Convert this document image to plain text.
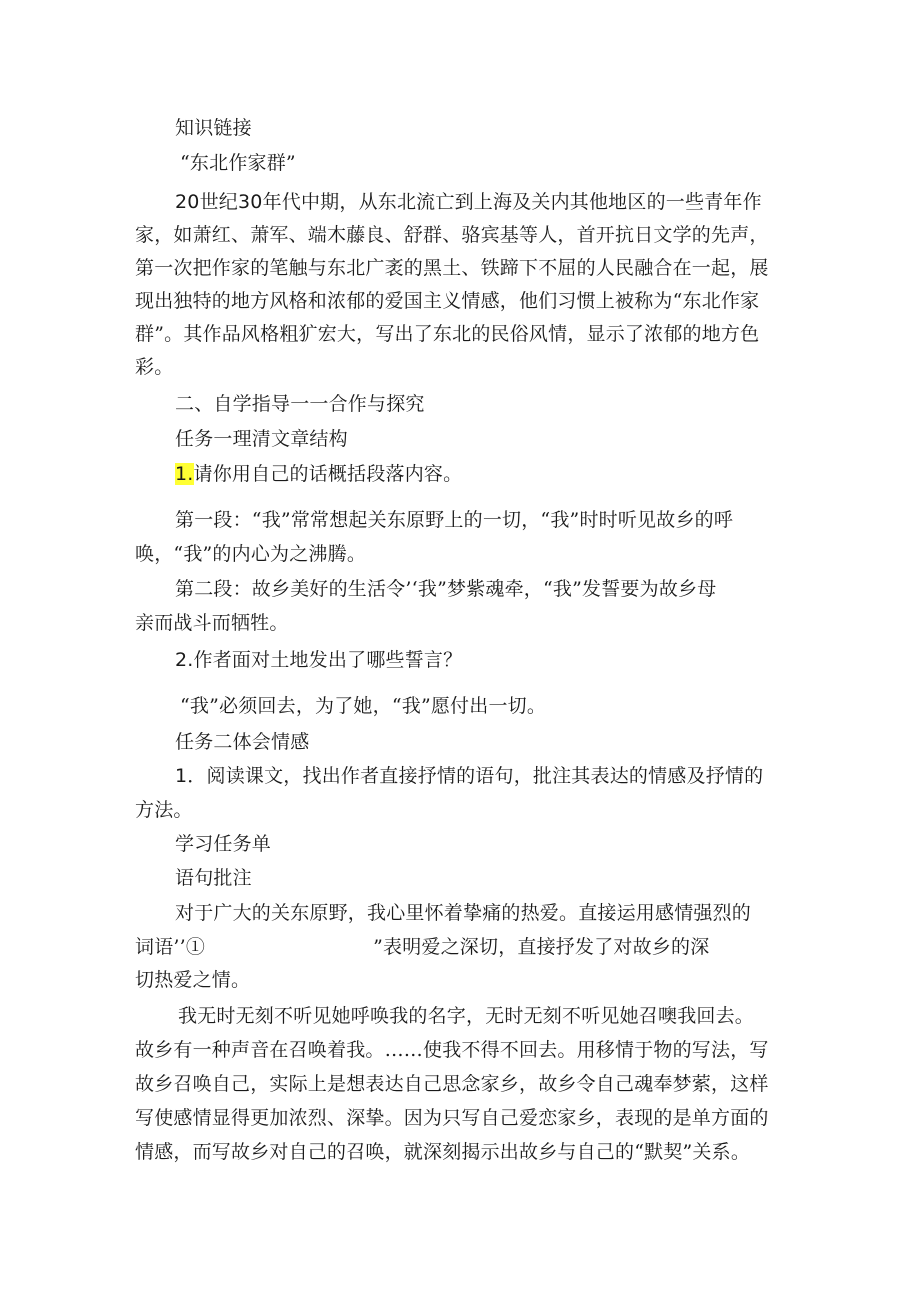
知识链接
“东北作家群”
20世纪30年代中期，从东北流亡到上海及关内其他地区的一些青年作
家，如萧红、萧军、端木藤良、舒群、骆宾基等人，首开抗日文学的先声，
第一次把作家的笔触与东北广袤的黑土、铁蹄下不屈的人民融合在一起，展
现出独特的地方风格和浓郁的爱国主义情感，他们习惯上被称为“东北作家
群”。其作品风格粗犷宏大，写出了东北的民俗风情，显示了浓郁的地方色
彩。
二、自学指导一一合作与探究
任务一理清文章结构
1.请你用自己的话概括段落内容。
第一段：“我”常常想起关东原野上的一切，“我”时时听见故乡的呼
唤，“我”的内心为之沸腾。
第二段：故乡美好的生活令’‘我”梦紫魂牵，“我”发誓要为故乡母
亲而战斗而牺牲。
2.作者面对土地发出了哪些誓言？
“我”必须回去，为了她，“我”愿付出一切。
任务二体会情感
1．阅读课文，找出作者直接抒情的语句，批注其表达的情感及抒情的
方法。
学习任务单
语句批注
对于广大的关东原野，我心里怀着挚痛的热爱。直接运用感情强烈的
词语’’①	”表明爱之深切，直接抒发了对故乡的深
切热爱之情。
我无时无刻不听见她呼唤我的名字，无时无刻不听见她召噢我回去。
故乡有一种声音在召唤着我。……使我不得不回去。用移情于物的写法，写
故乡召唤自己，实际上是想表达自己思念家乡，故乡令自己魂奉梦萦，这样
写使感情显得更加浓烈、深挚。因为只写自己爱恋家乡，表现的是单方面的
情感，而写故乡对自己的召唤，就深刻揭示出故乡与自己的“默契”关系。
